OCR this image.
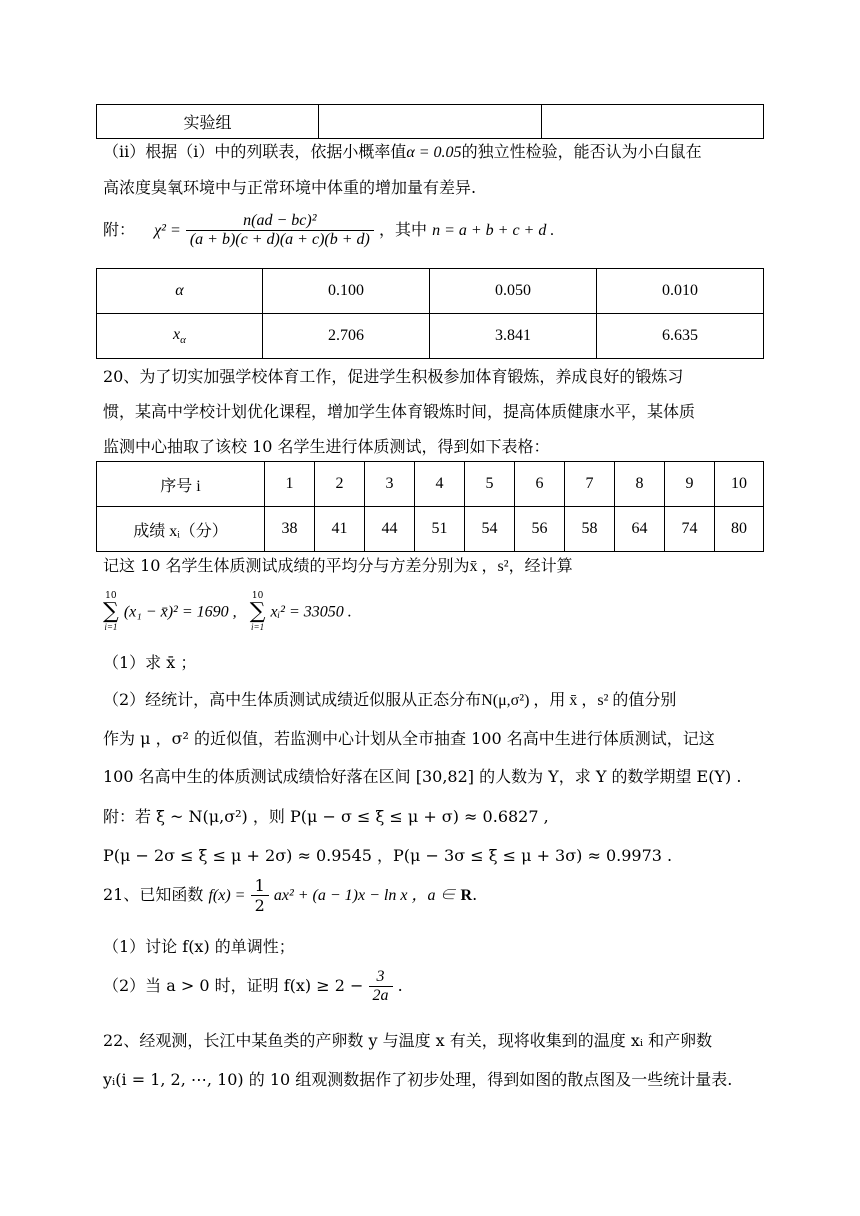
实验组		
（ii）根据（i）中的列联表，依据小概率值α = 0.05的独立性检验，能否认为小白鼠在
高浓度臭氧环境中与正常环境中体重的增加量有差异.
附： $\chi^2 = \frac{\text{n(ad − bc)²}}{(a + b)(c + d)(a + c)(b + d)}$ ，其中 n = a + b + c + d .
α	0.100	0.050	0.010
$x_\alpha$	2.706	3.841	6.635
20、为了切实加强学校体育工作，促进学生积极参加体育锻炼，养成良好的锻炼习
惯，某高中学校计划优化课程，增加学生体育锻炼时间，提高体质健康水平，某体质
监测中心抽取了该校 10 名学生进行体质测试，得到如下表格：
序号 i	1	2	3	4	5	6	7	8	9	10
成绩 xᵢ（分）	38	41	44	51	54	56	58	64	74	80
记这 10 名学生体质测试成绩的平均分与方差分别为x̄ ，s²，经计算
10
∑
i=1
(x₁ − x̄)² = 1690 ,
10
∑
i=1
xᵢ² = 33050 .
（1）求 x̄ ；
（2）经统计，高中生体质测试成绩近似服从正态分布N(μ,σ²) ，用 x̄ ，s² 的值分别
作为 μ ，σ² 的近似值，若监测中心计划从全市抽查 100 名高中生进行体质测试，记这
100 名高中生的体质测试成绩恰好落在区间 [30,82] 的人数为 Y，求 Y 的数学期望 E(Y) .
附：若 ξ ~ N(μ,σ²) ，则 P(μ − σ ≤ ξ ≤ μ + σ) ≈ 0.6827 ,
P(μ − 2σ ≤ ξ ≤ μ + 2σ) ≈ 0.9545 ，P(μ − 3σ ≤ ξ ≤ μ + 3σ) ≈ 0.9973 .
21、已知函数 $f(x) = \frac{1}{2} ax^2 + (a - 1)x - \ln x$ ，a ∈ R.
（1）讨论 f(x) 的单调性；
（2）当 a > 0 时，证明 $f(x) \ge 2 - \frac{3}{2a}$ .
22、经观测，长江中某鱼类的产卵数 y 与温度 x 有关，现将收集到的温度 xᵢ 和产卵数
yᵢ(i = 1, 2, ⋯, 10) 的 10 组观测数据作了初步处理，得到如图的散点图及一些统计量表.
